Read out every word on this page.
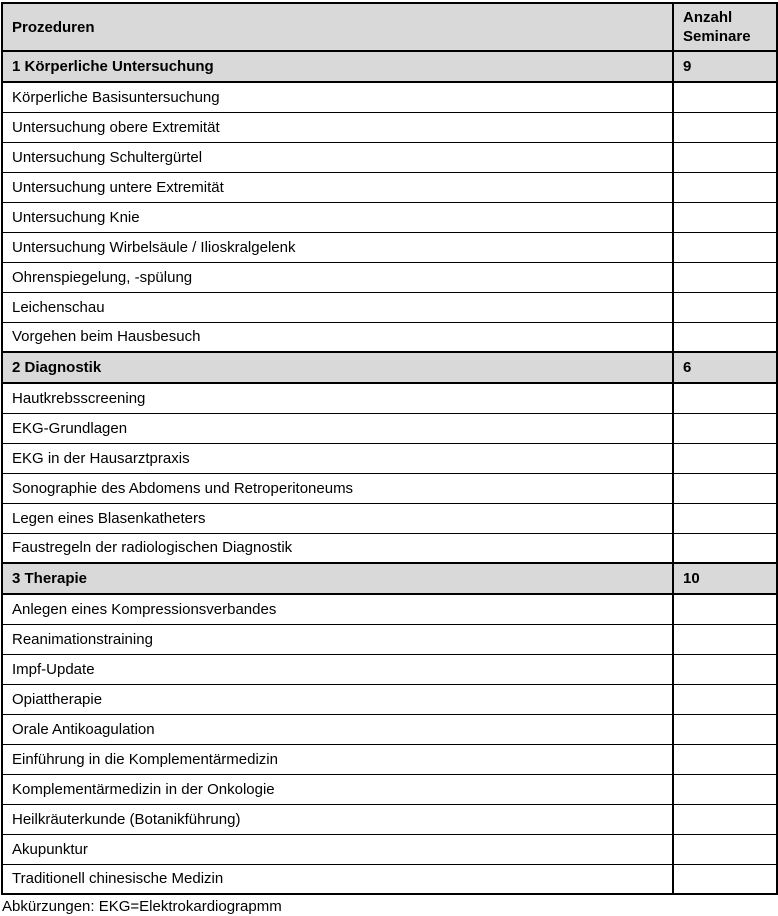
Prozeduren	Anzahl Seminare
1 Körperliche Untersuchung	9
Körperliche Basisuntersuchung	
Untersuchung obere Extremität	
Untersuchung Schultergürtel	
Untersuchung untere Extremität	
Untersuchung Knie	
Untersuchung Wirbelsäule / Ilioskralgelenk	
Ohrenspiegelung, -spülung	
Leichenschau	
Vorgehen beim Hausbesuch	
2 Diagnostik	6
Hautkrebsscreening	
EKG-Grundlagen	
EKG in der Hausarztpraxis	
Sonographie des Abdomens und Retroperitoneums	
Legen eines Blasenkatheters	
Faustregeln der radiologischen Diagnostik	
3 Therapie	10
Anlegen eines Kompressionsverbandes	
Reanimationstraining	
Impf-Update	
Opiattherapie	
Orale Antikoagulation	
Einführung in die Komplementärmedizin	
Komplementärmedizin in der Onkologie	
Heilkräuterkunde (Botanikführung)	
Akupunktur	
Traditionell chinesische Medizin	
Abkürzungen: EKG=Elektrokardiograpmm
